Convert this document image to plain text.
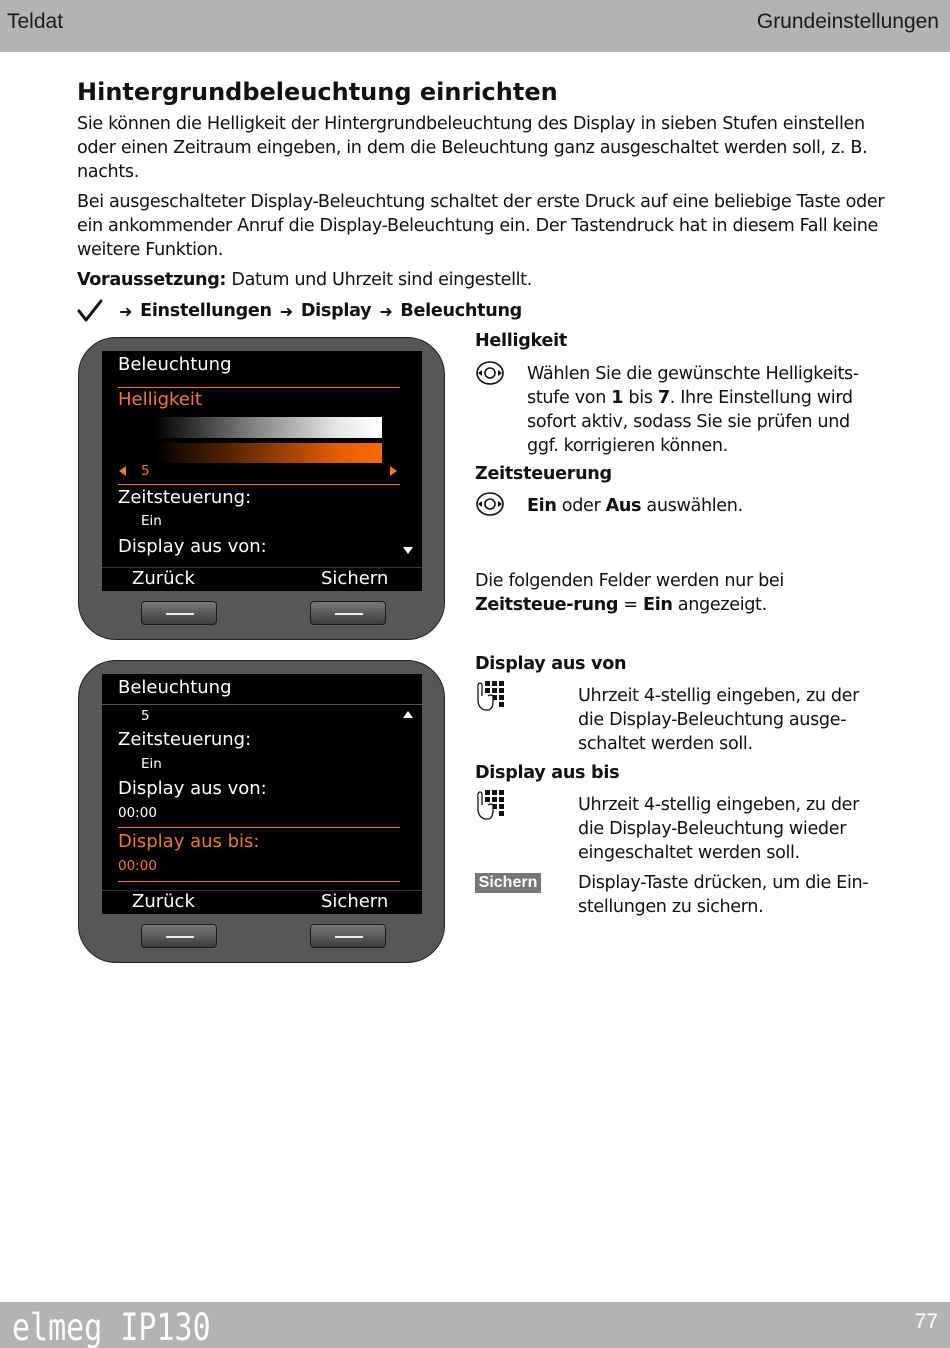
Teldat	Grundeinstellungen
Hintergrundbeleuchtung einrichten

Sie können die Helligkeit der Hintergrundbeleuchtung des Display in sieben Stufen einstellen oder einen Zeitraum eingeben, in dem die Beleuchtung ganz ausgeschaltet werden soll, z. B. nachts.

Bei ausgeschalteter Display-Beleuchtung schaltet der erste Druck auf eine beliebige Taste oder ein ankommender Anruf die Display-Beleuchtung ein. Der Tastendruck hat in diesem Fall keine weitere Funktion.

Voraussetzung: Datum und Uhrzeit sind eingestellt.

➜ Einstellungen ➜ Display ➜ Beleuchtung
Beleuchtung
Helligkeit
5
Zeitsteuerung:
Ein
Display aus von:
Zurück	Sichern
Beleuchtung
5
Zeitsteuerung:
Ein
Display aus von:
00:00
Display aus bis:
00:00
Zurück	Sichern
Helligkeit
Wählen Sie die gewünschte Helligkeits-stufe von 1 bis 7. Ihre Einstellung wird sofort aktiv, sodass Sie sie prüfen und ggf. korrigieren können.
Zeitsteuerung
Ein oder Aus auswählen.
Die folgenden Felder werden nur bei Zeitsteue-rung = Ein angezeigt.
Display aus von
Uhrzeit 4-stellig eingeben, zu der die Display-Beleuchtung ausge-schaltet werden soll.
Display aus bis
Uhrzeit 4-stellig eingeben, zu der die Display-Beleuchtung wieder eingeschaltet werden soll.
Sichern Display-Taste drücken, um die Ein-stellungen zu sichern.
elmeg IP130	77
